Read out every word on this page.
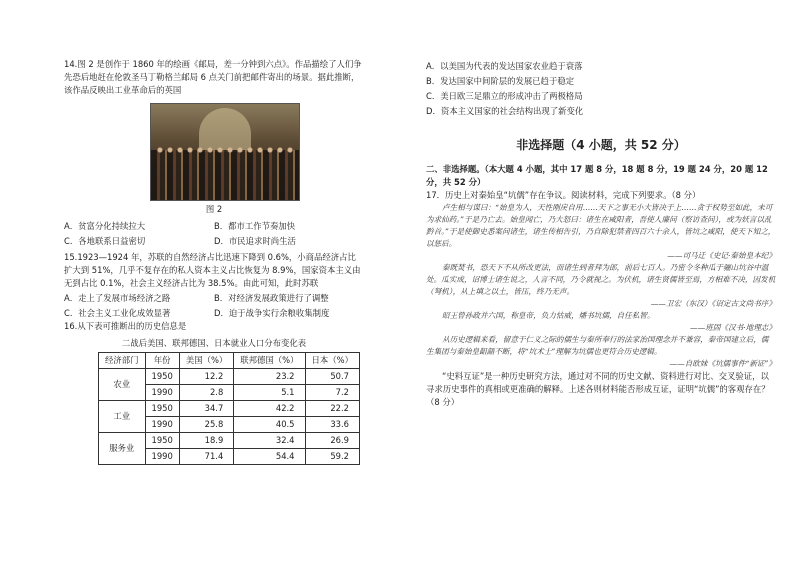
14.图 2 是创作于 1860 年的绘画《邮局，差一分钟到六点》。作品描绘了人们争先恐后地赶在伦敦圣马丁勒格兰邮局 6 点关门前把邮件寄出的场景。据此推断，该作品反映出工业革命后的英国

图 2
A．贫富分化持续拉大	B．都市工作节奏加快
C．各地联系日益密切	D．市民追求时尚生活

15.1923—1924 年，苏联的自然经济占比迅速下降到 0.6%，小商品经济占比扩大到 51%，几乎不复存在的私人资本主义占比恢复为 8.9%，国家资本主义由无到占比 0.1%，社会主义经济占比为 38.5%。由此可知，此时苏联

A．走上了发展市场经济之路	B．对经济发展政策进行了调整
C．社会主义工业化成效显著	D．迫于战争实行余粮收集制度

16.从下表可推断出的历史信息是

二战后美国、联邦德国、日本就业人口分布变化表
经济部门	年份	美国（%）	联邦德国（%）	日本（%）
农业	1950	12.2	23.2	50.7
	1990	2.8	5.1	7.2
工业	1950	34.7	42.2	22.2
	1990	25.8	40.5	33.6
服务业	1950	18.9	32.4	26.9
	1990	71.4	54.4	59.2
A．以美国为代表的发达国家农业趋于衰落
B．发达国家中间阶层的发展已趋于稳定
C．美日欧三足鼎立的形成冲击了两极格局
D．资本主义国家的社会结构出现了新变化
非选择题（4 小题，共 52 分）

二、非选择题。（本大题 4 小题，其中 17 题 8 分，18 题 8 分，19 题 24 分，20 题 12 分，共 52 分）

17．历史上对秦始皇“坑儒”存在争议。阅读材料，完成下列要求。（8 分）

卢生相与谋曰：“始皇为人，天性刚戾自用……天下之事无小大皆决于上……贪于权势至如此，未可为求仙药。”于是乃亡去。始皇闻亡，乃大怒曰：诸生在咸阳者，吾使人廉问（察访查问），或为妖言以乱黔首。”于是使御史悉案问诸生，诸生传相告引，乃自除犯禁者四百六十余人，皆坑之咸阳，使天下知之，以惩后。

——司马迁《史记·秦始皇本纪》

秦既焚书，恐天下不从所改更法，而诸生到者拜为郎，前后七百人。乃密令冬种瓜于骊山坑谷中温处。瓜实成，诏博士诸生说之，人言不同，乃令就视之。为伏机，诸生贤儒皆至焉，方相难不决，因发机（弩机），从上填之以土，皆压，终乃无声。

——卫宏（东汉）《诏定古文尚书序》

昭王曾孙政并六国，称皇帝，负力怙威，燔书坑儒，自任私智。

——班固《汉书·地理志》

从历史逻辑来看，留意于仁义之际的儒生与秦所奉行的法家治国理念并不兼容，秦帝国建立后，儒生集团与秦始皇龃龉不断，将“坑术士”理解为坑儒也更符合历史逻辑。

——自欧妹《坑儒事件“新证”》

“史料互证”是一种历史研究方法，通过对不同的历史文献、资料进行对比、交叉验证，以寻求历史事件的真相或更准确的解释。上述各则材料能否形成互证，证明“坑儒”的客观存在？（8 分）
